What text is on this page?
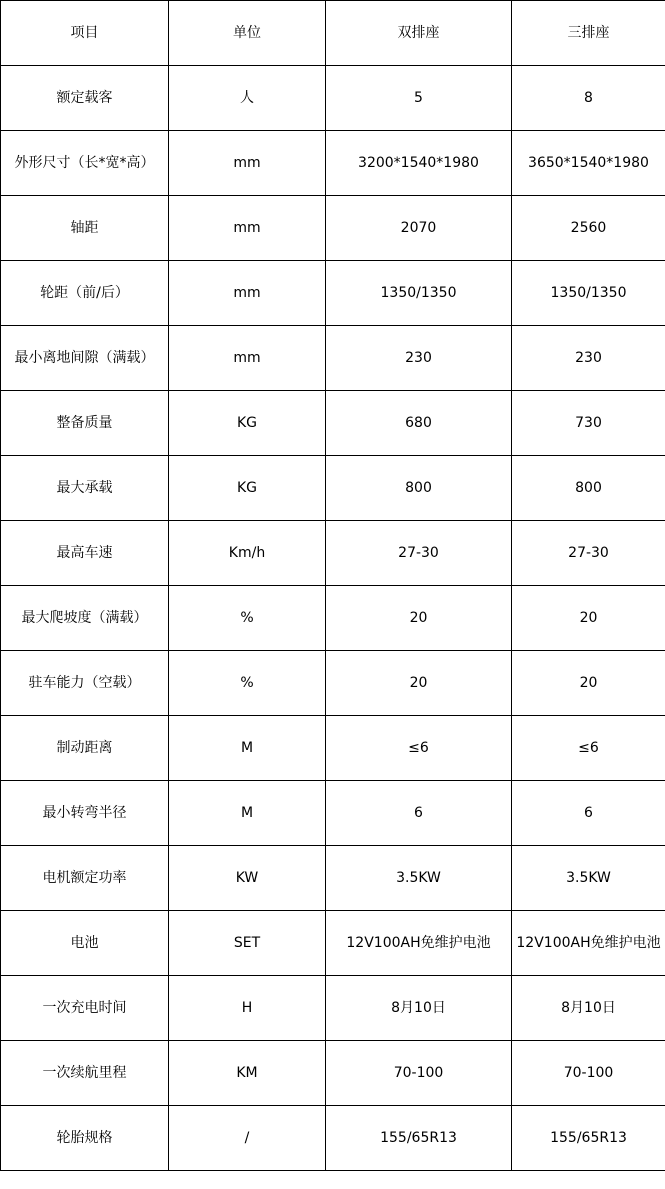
项目	单位	双排座	三排座
额定载客	人	5	8
外形尺寸（长*宽*高）	mm	3200*1540*1980	3650*1540*1980
轴距	mm	2070	2560
轮距（前/后）	mm	1350/1350	1350/1350
最小离地间隙（满载）	mm	230	230
整备质量	KG	680	730
最大承载	KG	800	800
最高车速	Km/h	27-30	27-30
最大爬坡度（满载）	%	20	20
驻车能力（空载）	%	20	20
制动距离	M	≤6	≤6
最小转弯半径	M	6	6
电机额定功率	KW	3.5KW	3.5KW
电池	SET	12V100AH免维护电池	12V100AH免维护电池
一次充电时间	H	8月10日	8月10日
一次续航里程	KM	70-100	70-100
轮胎规格	/	155/65R13	155/65R13
